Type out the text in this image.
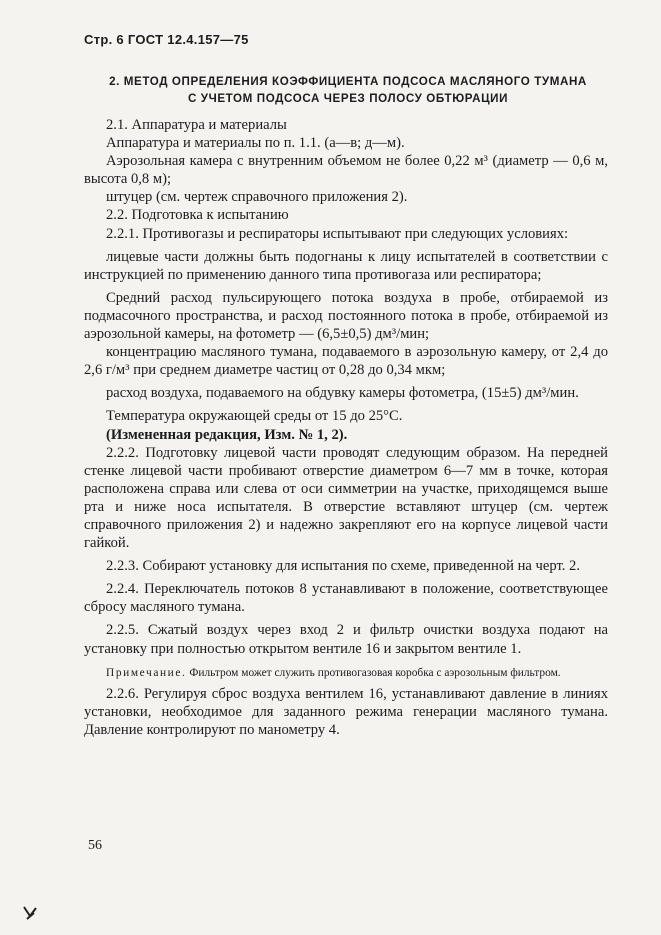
Стр. 6 ГОСТ 12.4.157—75
2. МЕТОД ОПРЕДЕЛЕНИЯ КОЭФФИЦИЕНТА ПОДСОСА МАСЛЯНОГО ТУМАНА
С УЧЕТОМ ПОДСОСА ЧЕРЕЗ ПОЛОСУ ОБТЮРАЦИИ

2.1. Аппаратура и материалы

Аппаратура и материалы по п. 1.1. (а—в; д—м).

Аэрозольная камера с внутренним объемом не более 0,22 м³ (диаметр — 0,6 м, высота 0,8 м);

штуцер (см. чертеж справочного приложения 2).

2.2. Подготовка к испытанию

2.2.1. Противогазы и респираторы испытывают при следующих условиях:

лицевые части должны быть подогнаны к лицу испытателей в соответствии с инструкцией по применению данного типа противогаза или респиратора;

Средний расход пульсирующего потока воздуха в пробе, отбираемой из подмасочного пространства, и расход постоянного потока в пробе, отбираемой из аэрозольной камеры, на фотометр — (6,5±0,5) дм³/мин;

концентрацию масляного тумана, подаваемого в аэрозольную камеру, от 2,4 до 2,6 г/м³ при среднем диаметре частиц от 0,28 до 0,34 мкм;

расход воздуха, подаваемого на обдувку камеры фотометра, (15±5) дм³/мин.

Температура окружающей среды от 15 до 25°С.

(Измененная редакция, Изм. № 1, 2).

2.2.2. Подготовку лицевой части проводят следующим образом. На передней стенке лицевой части пробивают отверстие диаметром 6—7 мм в точке, которая расположена справа или слева от оси симметрии на участке, приходящемся выше рта и ниже носа испытателя. В отверстие вставляют штуцер (см. чертеж справочного приложения 2) и надежно закрепляют его на корпусе лицевой части гайкой.

2.2.3. Собирают установку для испытания по схеме, приведенной на черт. 2.

2.2.4. Переключатель потоков 8 устанавливают в положение, соответствующее сбросу масляного тумана.

2.2.5. Сжатый воздух через вход 2 и фильтр очистки воздуха подают на установку при полностью открытом вентиле 16 и закрытом вентиле 1.

Примечание. Фильтром может служить противогазовая коробка с аэрозольным фильтром.

2.2.6. Регулируя сброс воздуха вентилем 16, устанавливают давление в линиях установки, необходимое для заданного режима генерации масляного тумана. Давление контролируют по манометру 4.

56
